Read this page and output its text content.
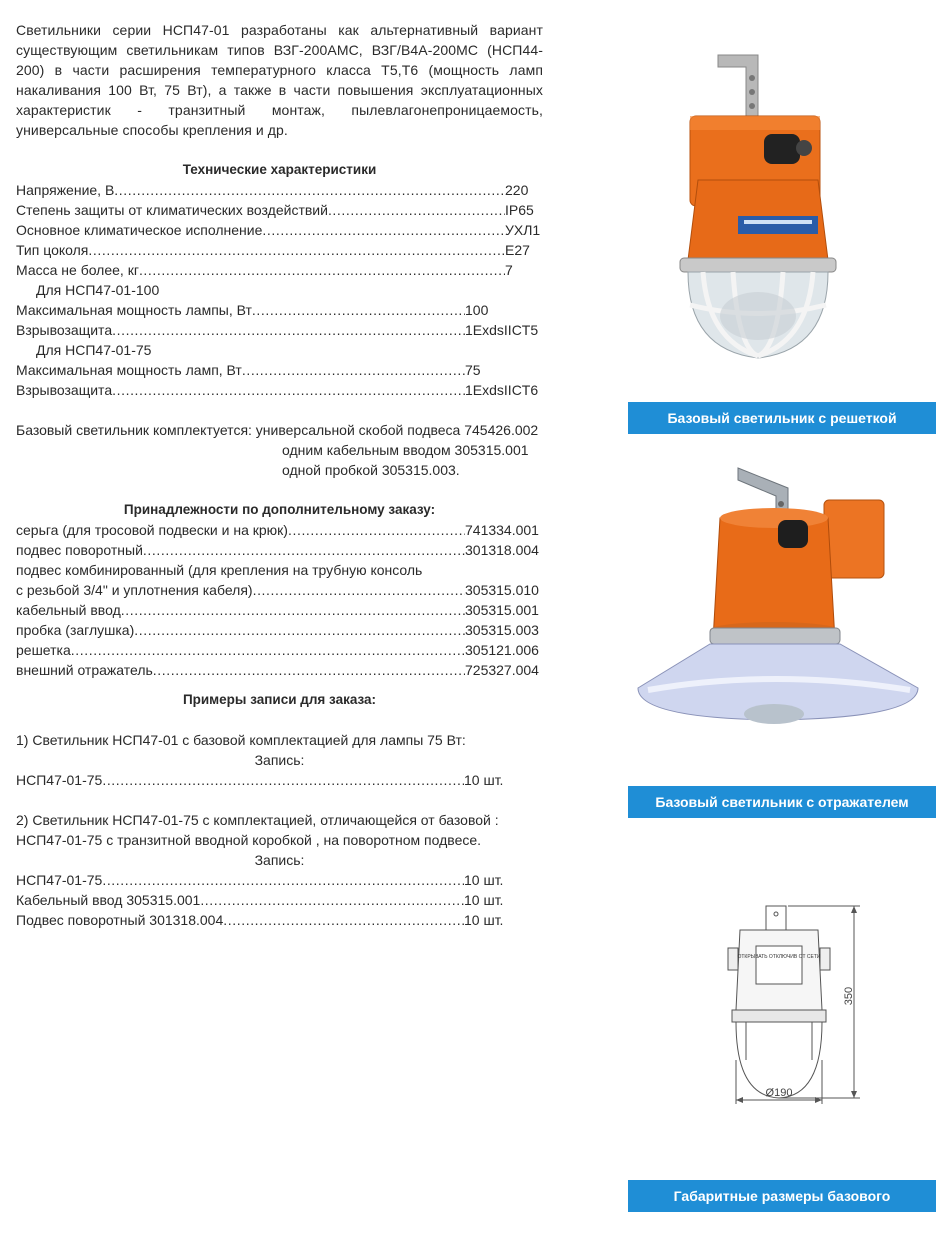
Светильники серии НСП47-01 разработаны как альтернативный вариант существующим светильникам типов ВЗГ-200АМС, ВЗГ/В4А-200МС (НСП44-200) в части расширения температурного класса Т5,Т6 (мощность ламп накаливания 100 Вт, 75 Вт), а также в части повышения эксплуатационных характеристик - транзитный монтаж, пылевлагонепроницаемость, универсальные способы крепления и др.

Технические характеристики

Напряжение, В .....	220
Степень защиты от климатических воздействий .....	IP65
Основное климатическое исполнение .....	УХЛ1
Тип цоколя .....	E27
Масса не более, кг .....	7
Для НСП47-01-100
Максимальная мощность лампы, Вт .....	100
Взрывозащита .....	1ExdsIICT5
Для НСП47-01-75
Максимальная мощность ламп, Вт .....	75
Взрывозащита .....	1ExdsIICT6
Базовый светильник комплектуется: универсальной скобой подвеса 745426.002
одним кабельным вводом 305315.001
одной пробкой 305315.003.

Принадлежности по дополнительному заказу:

серьга (для тросовой подвески и на крюк) .....	741334.001
подвес поворотный .....	301318.004
подвес комбинированный (для крепления на трубную консоль
с резьбой 3/4" и уплотнения кабеля) .....	305315.010
кабельный ввод .....	305315.001
пробка (заглушка) .....	305315.003
решетка .....	305121.006
внешний отражатель .....	725327.004

Примеры записи для заказа:

1) Светильник НСП47-01 с базовой комплектацией для лампы 75 Вт:
Запись:
НСП47-01-75 .....	10 шт.
2) Светильник НСП47-01-75 с комплектацией, отличающейся от базовой :
НСП47-01-75 с транзитной вводной коробкой , на поворотном подвесе.
Запись:
НСП47-01-75 .....	10 шт.
Кабельный ввод 305315.001 .....	10 шт.
Подвес поворотный 301318.004 .....	10 шт.
Базовый светильник с решеткой
Базовый светильник с отражателем
ОТКРЫВАТЬ ОТКЛЮЧИВ ОТ СЕТИ
350
Ø190
Габаритные размеры базового светильника
